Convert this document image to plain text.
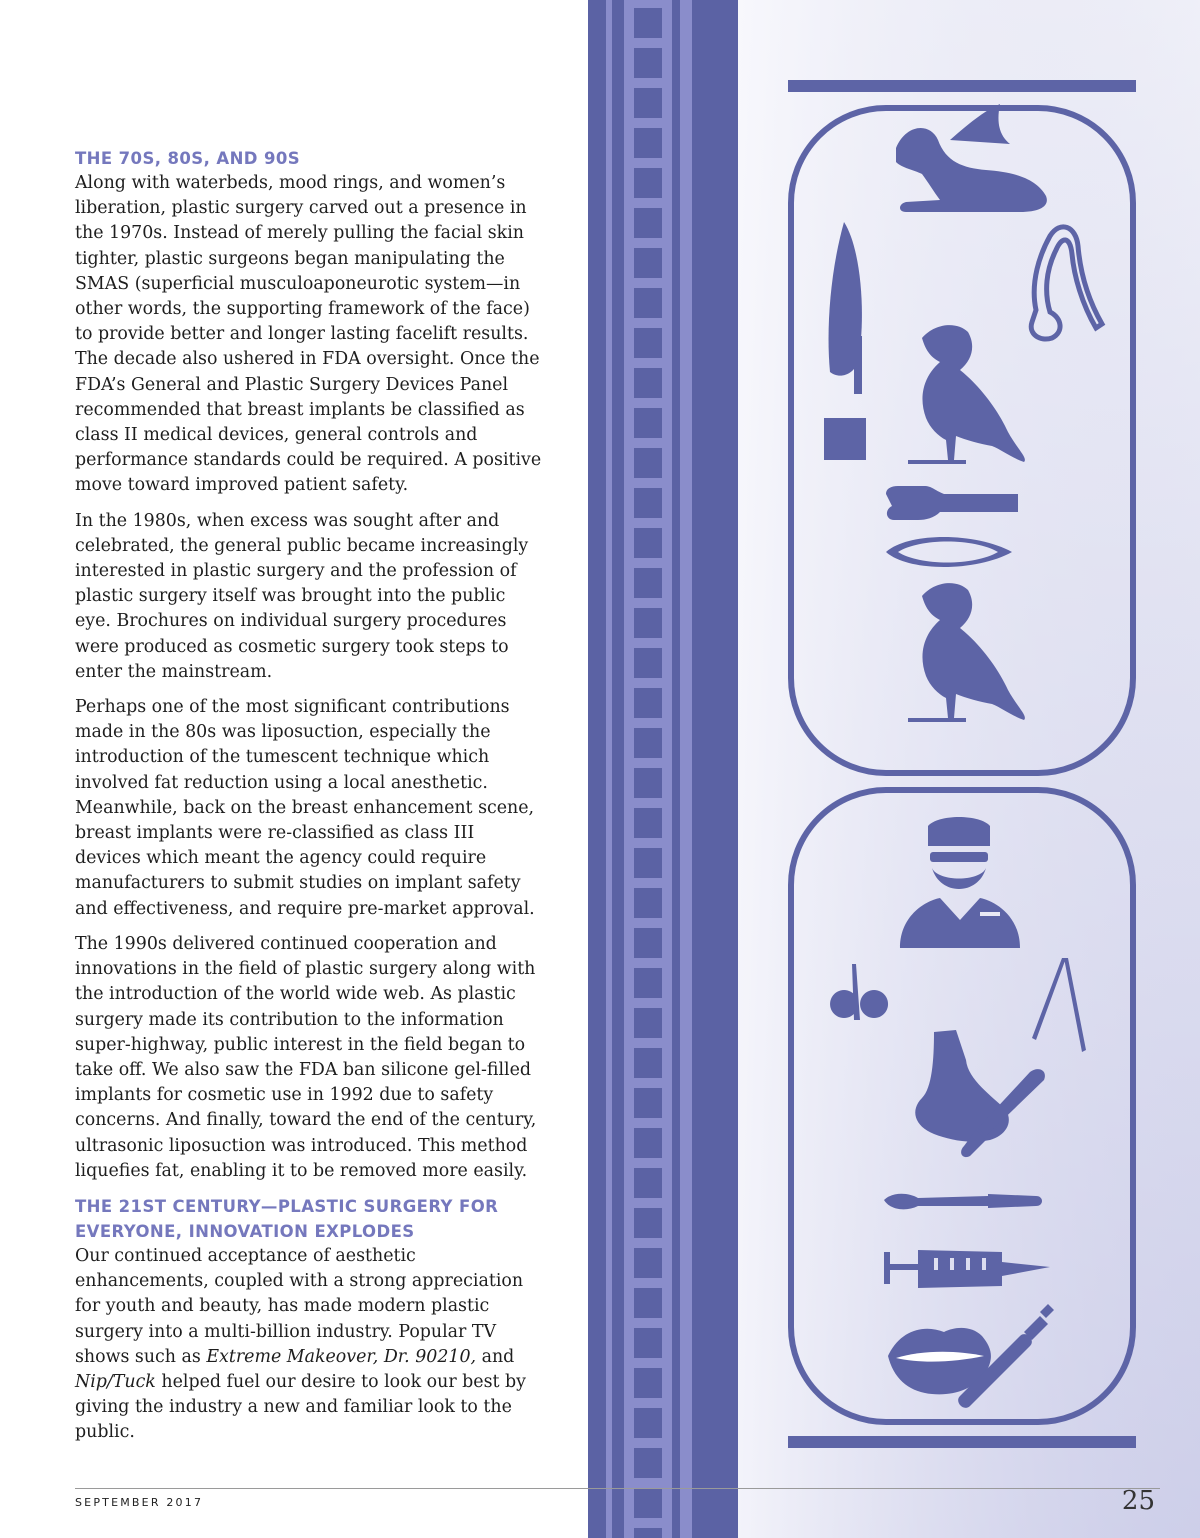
THE 70S, 80S, AND 90S

Along with waterbeds, mood rings, and women’s liberation, plastic surgery carved out a presence in the 1970s. Instead of merely pulling the facial skin tighter, plastic surgeons began manipulating the SMAS (superficial musculoaponeurotic system—in other words, the supporting framework of the face) to provide better and longer lasting facelift results. The decade also ushered in FDA oversight. Once the FDA’s General and Plastic Surgery Devices Panel recommended that breast implants be classified as class II medical devices, general controls and performance standards could be required. A positive move toward improved patient safety.

In the 1980s, when excess was sought after and celebrated, the general public became increasingly interested in plastic surgery and the profession of plastic surgery itself was brought into the public eye. Brochures on individual surgery procedures were produced as cosmetic surgery took steps to enter the mainstream.

Perhaps one of the most significant contributions made in the 80s was liposuction, especially the introduction of the tumescent technique which involved fat reduction using a local anesthetic. Meanwhile, back on the breast enhancement scene, breast implants were re-classified as class III devices which meant the agency could require manufacturers to submit studies on implant safety and effectiveness, and require pre-market approval.

The 1990s delivered continued cooperation and innovations in the field of plastic surgery along with the introduction of the world wide web. As plastic surgery made its contribution to the information super-highway, public interest in the field began to take off. We also saw the FDA ban silicone gel-filled implants for cosmetic use in 1992 due to safety concerns. And finally, toward the end of the century, ultrasonic liposuction was introduced. This method liquefies fat, enabling it to be removed more easily.

THE 21ST CENTURY—PLASTIC SURGERY FOR EVERYONE, INNOVATION EXPLODES

Our continued acceptance of aesthetic enhancements, coupled with a strong appreciation for youth and beauty, has made modern plastic surgery into a multi-billion industry. Popular TV shows such as Extreme Makeover, Dr. 90210, and Nip/Tuck helped fuel our desire to look our best by giving the industry a new and familiar look to the public.

SEPTEMBER 2017	25
